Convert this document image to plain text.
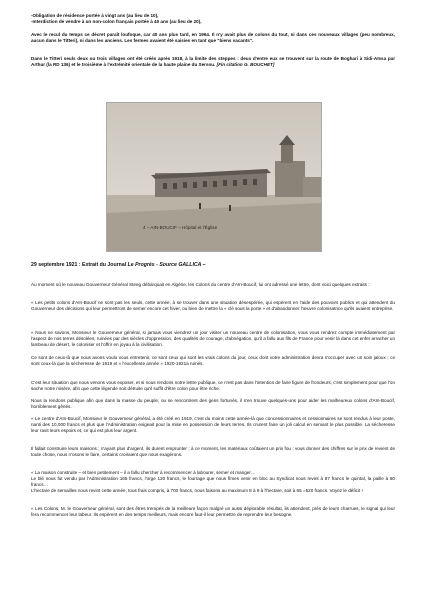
-Obligation de résidence portée à vingt ans (au lieu de 10),

-Interdiction de vendre à un non-colon français portée à 40 ans (au lieu de 20),

Avec le recul du temps ce décret paraît loufoque, car 40 ans plus tard, en 1964. Il n'y avait plus de colons du tout, ni dans ces nouveaux villages (peu nombreux, aucun dans le Titteri), ni dans les anciens. Les fermes avaient été saisies en tant que "biens vacants".

Dans le Titteri seuls deux ou trois villages ont été créés après 1918, à la limite des steppes : deux d'entre eux se trouvent sur la route de Boghari à Sidi-Aïssa par Arthur (la RD 136) et le troisième à l'extrémité orientale de la haute plaine du Sersou. [Fin citation G. BOUCHET]

4 – AIN-BOUCIF – Hôpital et l'Église
29 septembre 1921 : Extrait du Journal Le Progrès - Source GALLICA –

Au moment où le nouveau Gouverneur Général Steeg débarquait en Algérie, les Colons du centre d'Aïn-Boucif, lui ont adressé une lettre, dont voici quelques extraits :

« Les petits colons d'Aïn-Boucif ne sont pas les seuls, cette année, à se trouver dans une situation désespérée, qui espèrent en l'aide des pouvoirs publics et qui attendent du Gouverneur des décisions qui leur permettront de semer encore cet hiver, ou bien de mettre la « clé sous la porte » et d'abandonner l'œuvre colonisatrice qu'ils avaient entreprise.

« Nous ne savons, Monsieur le Gouverneur général, si jamais vous viendrez un jour visiter un nouveau centre de colonisation, vous vous rendrez compte immédiatement par l'aspect de nos terres désolées, ruinées par des siècles d'oppression, des qualités de courage, d'abnégation, qu'il a fallu aux fils de France pour venir là dans cet enfer arracher un lambeau de désert, le coloniser et l'offrir en joyau à la civilisation.

Ce sont de ceux-là que nous avons voulu vous entretenir, ce sont ceux qui sont les vrais colons du jour, ceux dont votre administration devra s'occuper avec un soin jaloux ; ce sont ceux-là que la sécheresse de 1919 et « l'excellente année » 1920-1921a ruinés.

C'est leur situation que nous venons vous exposer, et si nous rendons notre lettre publique, ce n'est pas dans l'intention de faire figure de frondeurs, c'est simplement pour que l'on sache notre misère, afin que cette légende soit détruite qu'il suffit d'être colon pour être riche.

Nous la rendons publique afin que dans la masse du peuple, ou se rencontrent des gens fortunés, il s'en trouve quelques-uns pour aider les malheureux colons d'Aïn-Boucif, horriblement gênés.

« Le centre d'Aïn-Boucif, Monsieur le Gouverneur général, a été créé en 1919, c'est du moins cette année-là que concessionnaires et cessionnaires se sont rendus à leur poste, nanti des 10.000 francs et plus que l'Administration exigeait pour la mise en possession de leurs terres. Ils crurent faire un joli calcul en semant le plus possible. La sécheresse leur ravit leurs espoirs et, ce qui est plus leur argent.

Il fallait construire leurs maisons ; n'ayant plus d'argent, ils durent emprunter ; à ce moment, les matériaux coûtaient un prix fou ; vous donner des chiffres sur le prix de revient de toute chose, nous n'osons le faire, certains croiraient que nous exagérons.

« La maison construite – et bien petitement – il a fallu chercher à recommencer à labourer, semer et manger…

Le blé nous fut vendu par l'Administration 165 francs, l'orge 120 francs, le fourrage que nous fîmes venir en bloc au Syndicat nous revint à 87 francs le quintal, la paille à 60 francs…

L'hectare de semailles nous revint cette année, tous frais compris, à 700 francs, nous faisons au maximum 8 à 9 à l'hectare, soit à 65 =520 francs. Voyez le déficit !

« Les Colons, M. le Gouverneur général, sont des êtres trempés de la meilleure façon malgré un aussi déplorable résultat, ils attendent, près de leurs charrues, le signal qui leur fera recommencer leur labeur. Ils espèrent en des temps meilleurs, mais encore faut-il leur permettre de reprendre leur besogne.
